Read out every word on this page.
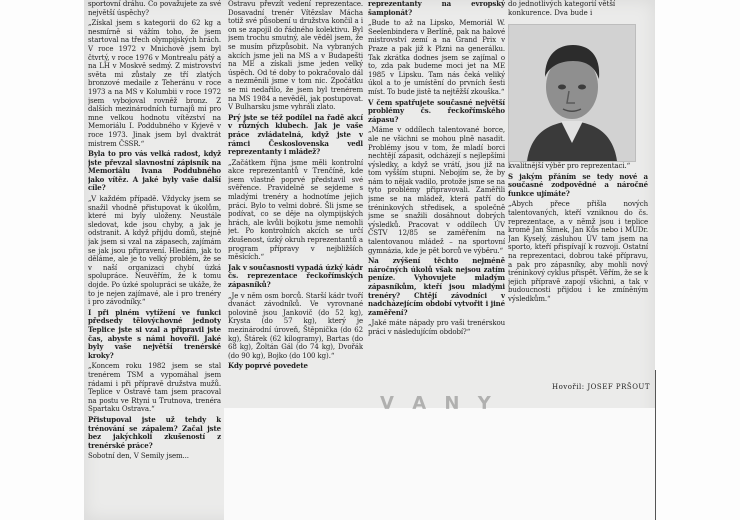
sportovní dráhu. Co považujete za své největší úspěchy?

„Získal jsem s kategorii do 62 kg a nesmírně si vážím toho, že jsem startoval na třech olympijských hrách. V roce 1972 v Mnichově jsem byl čtvrtý, v roce 1976 v Montrealu pátý a na LH v Moskvě sedmý. Z mistrovství světa mi zůstaly ze tří zlatých bronzové medaile z Teheránu v roce 1973 a na MS v Kolumbii v roce 1972 jsem vybojoval rovněž bronz. Z dalších mezinárodních turnajů mi pro mne velkou hodnotu vítězství na Memoriálu I. Poddubného v Kyjevě v roce 1973. Jinak jsem byl dvaktrát mistrem ČSSR.“

Byla to pro vás velká radost, když jste převzal slavnostní zápisník na Memoriálu Ivana Poddubného jako vítěz. A jaké byly vaše další cíle?

„V každém případě. Vždycky jsem se snažil vhodně přistupovat k úkolům, které mi byly uloženy. Neustále sledovat, kde jsou chyby, a jak je odstranit. A když přijdu domů, stejně jak jsem si vzal na zápasech, zajímám se jak jsou připravení. Hledám, jak to děláme, ale je to velký problém, že se v naší organizaci chybí úzká spolupráce. Neuvěřím, že k tomu dojde. Po úzké spolupráci se ukáže, že to je nejen zajímavé, ale i pro trenéry i pro závodníky.“

I při plném vytížení ve funkci předsedy tělovýchovné jednoty Teplice jste si vzal a připravil jste čas, abyste s námi hovořil. Jaké byly vaše největší trenérské kroky?

„Koncem roku 1982 jsem se stal trenérem TSM a vypomáhal jsem rádami i při přípravě družstva mužů. Teplice v Ostravě tam jsem pracoval na postu ve Rtyni u Trutnova, trenéra Spartaku Ostrava.“

Přistupoval jste už tehdy k trénování se zápalem? Začal jste bez jakýchkoli zkušeností z trenérské práce?

Sobotní den, V Semily jsem...

Ostravu převzít vedení reprezentace. Dosavadní trenér Vítězslav Mácha totiž své působení u družstva končil a i on se zapojil do řádného kolektivu. Byl jsem trochu smutný, ale věděl jsem, že se musím přizpůsobit. Na vybraných akcích jsme jeli na MS a v Budapešti na ME a získali jsme jeden velký úspěch. Od té doby to pokračovalo dál a nezměnili jsme v tom nic. Zpočátku se mi nedařilo, že jsem byl trenérem na MS 1984 a nevěděl, jak postupovat. V Bulharsku jsme vyhráli zlato.

Prý jste se též podílel na řadě akcí v různých klubech. Jak je vaše práce zvládatelná, když jste v rámci Československa vedl reprezentanty i mládež?

„Začátkem října jsme měli kontrolní akce reprezentantů v Trenčíně, kde jsem vlastně poprvé představil své svěřence. Pravidelně se sejdeme s mladými trenéry a hodnotíme jejich práci. Bylo to velmi dobré. Šli jsme se podívat, co se děje na olympijských hrách, ale kvůli bojkotu jsme nemohli jet. Po kontrolních akcích se určí zkušenost, úzký okruh reprezentantů a program přípravy v nejbližších měsících.“

Jak v současnosti vypadá úzký kádr čs. reprezentace řeckořímských zápasníků?

„Je v něm osm borců. Starší kádr tvoří dvanáct závodníků. Ve vyrovnané polovině jsou Jankovič (do 52 kg), Krysta (do 57 kg), který je mezinárodní úroveň, Štěpnička (do 62 kg), Štárek (62 kilogramy), Bartas (do 68 kg), Žoltán Gál (do 74 kg), Dvořák (do 90 kg), Bojko (do 100 kg).“

Kdy poprvé povedete

reprezentanty na evropský šampionát?

„Bude to až na Lipsko, Memoriál W. Seelenbindera v Berlíně, pak na halové mistrovství zemí a na Grand Prix v Praze a pak již k Plzni na generálku. Tak zkrátka dodnes jsem se zajímal o to, zda pak budeme moci jet na ME 1985 v Lipsku. Tam nás čeká veliký úkol a to je umístění do prvních šesti míst. To bude jistě ta nejtěžší zkouška.“

V čem spatřujete současné největší problémy čs. řeckořímského zápasu?

„Máme v oddílech talentované borce, ale ne všichni se mohou plně nasadit. Problémy jsou v tom, že mladí borci nechtějí zápasit, odcházejí s nejlepšími výsledky, a když se vrátí, jsou již na tom vyšším stupni. Nebojím se, že by nám to nějak vadilo, protože jsme se na tyto problémy připravovali. Zaměřili jsme se na mládež, která patří do tréninkových středisek, a společně jsme se snažili dosáhnout dobrých výsledků. Pracovat v oddílech ÚV ČSTV 12/85 se zaměřením na talentovanou mládež – na sportovní gymnázia, kde je pět borců ve výběru.“

Na zvýšení těchto nejméně náročných úkolů však nejsou zatím peníze. Vyhovujete mladým zápasníkům, kteří jsou mladými trenéry? Chtějí závodníci v nadcházejícím období vytvořit i jiné zaměření?

„Jaké máte nápady pro vaši trenérskou práci v následujícím období?“

do jednotlivých kategorií větší konkurence. Dva bude i

kvalitnější výběr pro reprezentaci.“

S jakým přáním se tedy nové a současné zodpovědné a náročné funkce ujímáte?

„Abych přece přišla nových talentovaných, kteří vzniknou do čs. reprezentace, a v němž jsou i teplice kromě Jan Šimek, Jan Kůs nebo i MUDr. Jan Kyselý, zásluhou ÚV tam jsem na sporto, kteří přispívají k rozvoji. Ostatní na reprezentaci, dobrou také přípravu, a pak pro zápasníky, aby mohli nový tréninkový cyklus přispět. Věřím, že se k jejich přípravě zapojí všichni, a tak v budoucnosti přijdou i ke zmíněným výsledkům.“

Hovořil: JOSEF PRŠOUT
V A N Y
